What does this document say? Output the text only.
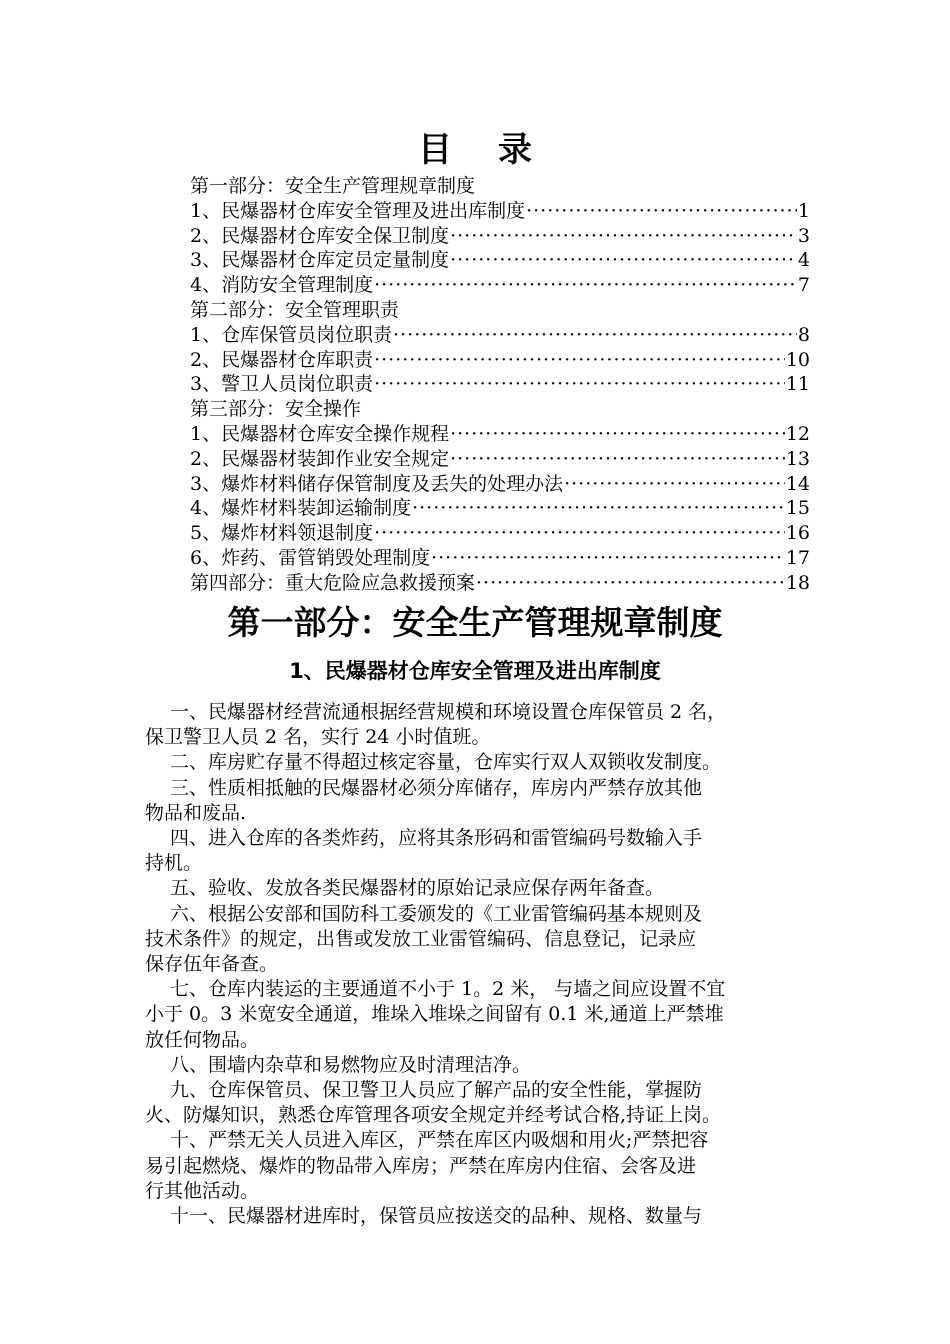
目录
第一部分：安全生产管理规章制度
1、民爆器材仓库安全管理及进出库制度 ·····	1
2、民爆器材仓库安全保卫制度 ·····	3
3、民爆器材仓库定员定量制度 ·····	4
4、消防安全管理制度 ·····	7
第二部分：安全管理职责
1、仓库保管员岗位职责 ·····	8
2、民爆器材仓库职责 ·····	10
3、警卫人员岗位职责 ·····	11
第三部分：安全操作
1、民爆器材仓库安全操作规程 ·····	12
2、民爆器材装卸作业安全规定 ·····	13
3、爆炸材料储存保管制度及丢失的处理办法 ·····	14
4、爆炸材料装卸运输制度 ·····	15
5、爆炸材料领退制度 ·····	16
6、炸药、雷管销毁处理制度 ·····	17
第四部分：重大危险应急救援预案 ·····	18
第一部分：安全生产管理规章制度
1、民爆器材仓库安全管理及进出库制度

一、民爆器材经营流通根据经营规模和环境设置仓库保管员 2 名，

保卫警卫人员 2 名，实行 24 小时值班。

二、库房贮存量不得超过核定容量，仓库实行双人双锁收发制度。

三、性质相抵触的民爆器材必须分库储存，库房内严禁存放其他

物品和废品.

四、进入仓库的各类炸药，应将其条形码和雷管编码号数输入手

持机。

五、验收、发放各类民爆器材的原始记录应保存两年备查。

六、根据公安部和国防科工委颁发的《工业雷管编码基本规则及

技术条件》的规定，出售或发放工业雷管编码、信息登记，记录应

保存伍年备查。

七、仓库内装运的主要通道不小于 1。2 米， 与墙之间应设置不宜

小于 0。3 米宽安全通道，堆垛入堆垛之间留有 0.1 米,通道上严禁堆

放任何物品。

八、围墙内杂草和易燃物应及时清理洁净。

九、仓库保管员、保卫警卫人员应了解产品的安全性能，掌握防

火、防爆知识，熟悉仓库管理各项安全规定并经考试合格,持证上岗。

十、严禁无关人员进入库区，严禁在库区内吸烟和用火;严禁把容

易引起燃烧、爆炸的物品带入库房；严禁在库房内住宿、会客及进

行其他活动。

十一、民爆器材进库时，保管员应按送交的品种、规格、数量与
